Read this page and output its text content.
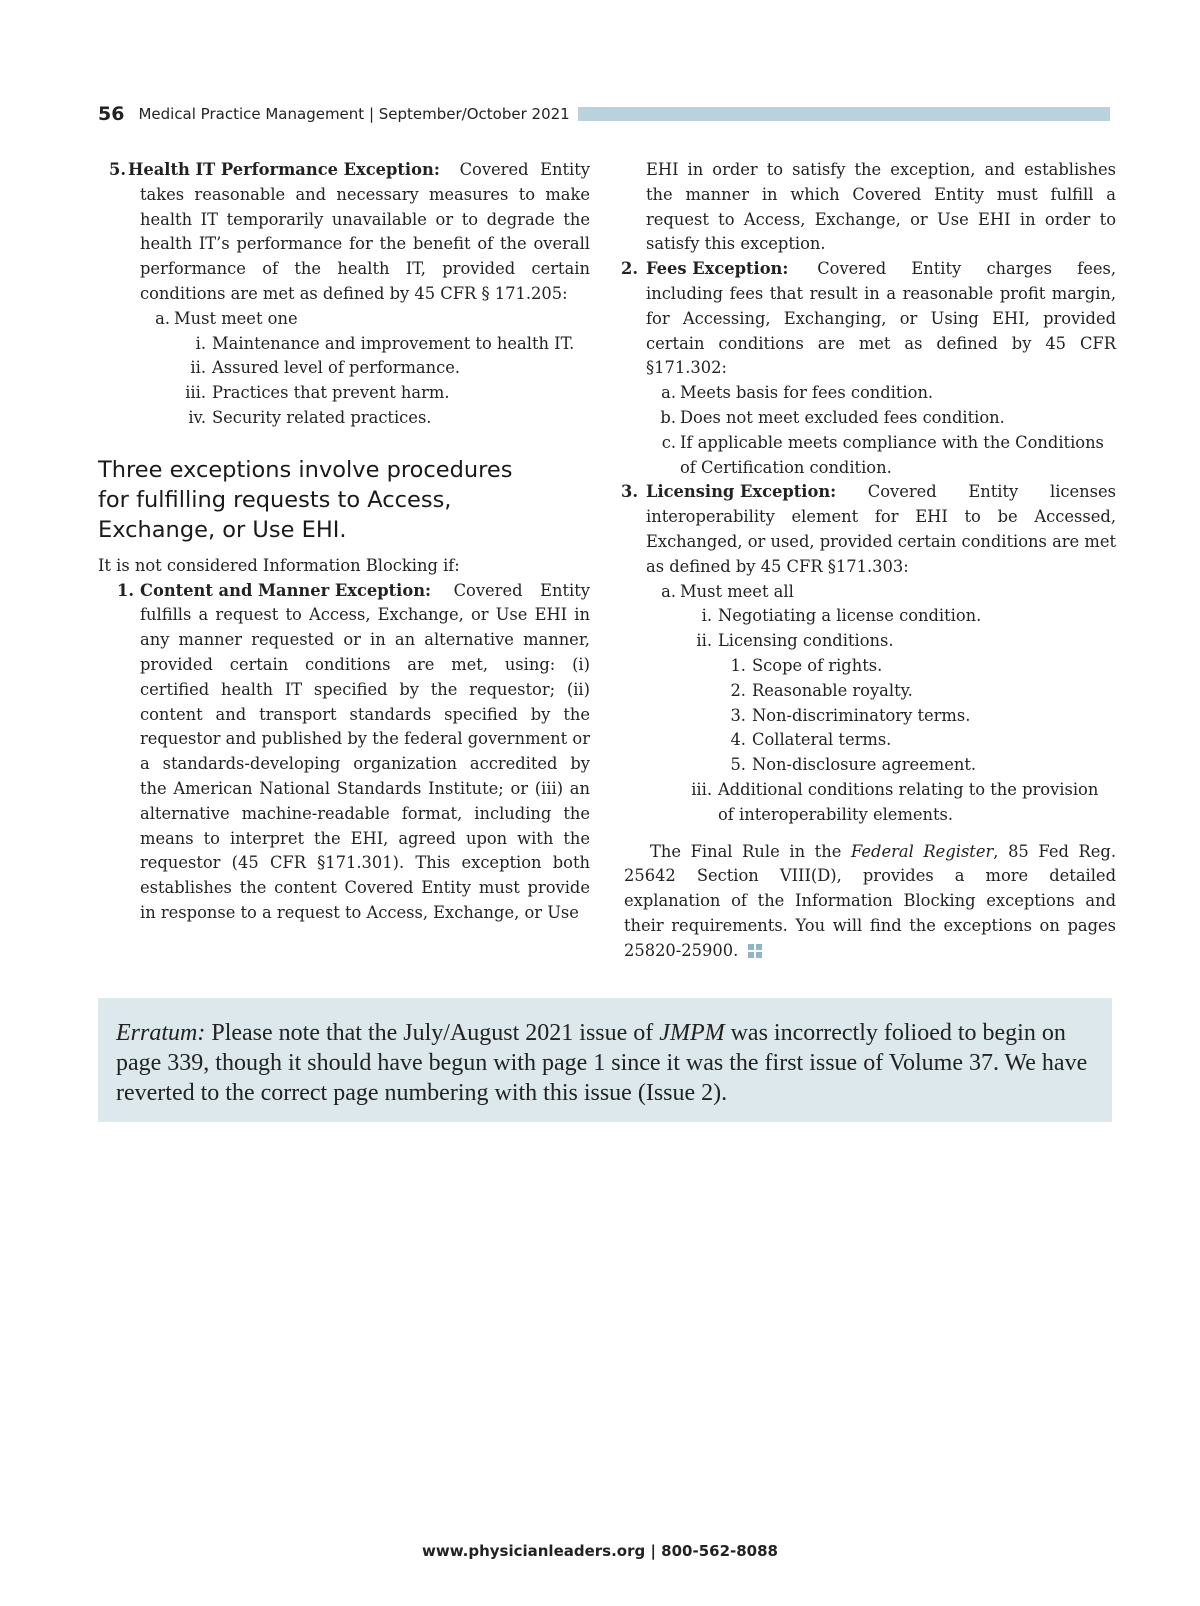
56 Medical Practice Management | September/October 2021
5. Health IT Performance Exception: Covered Entity takes reasonable and necessary measures to make health IT temporarily unavailable or to degrade the health IT’s performance for the benefit of the overall performance of the health IT, provided certain conditions are met as defined by 45 CFR § 171.205:
a. Must meet one
i. Maintenance and improvement to health IT.
ii. Assured level of performance.
iii. Practices that prevent harm.
iv. Security related practices.
Three exceptions involve procedures for fulfilling requests to Access, Exchange, or Use EHI.

It is not considered Information Blocking if:

1. Content and Manner Exception: Covered Entity fulfills a request to Access, Exchange, or Use EHI in any manner requested or in an alternative manner, provided certain conditions are met, using: (i) certified health IT specified by the requestor; (ii) content and transport standards specified by the requestor and published by the federal government or a standards-developing organization accredited by the American National Standards Institute; or (iii) an alternative machine-readable format, including the means to interpret the EHI, agreed upon with the requestor (45 CFR §171.301). This exception both establishes the content Covered Entity must provide in response to a request to Access, Exchange, or Use
EHI in order to satisfy the exception, and establishes the manner in which Covered Entity must fulfill a request to Access, Exchange, or Use EHI in order to satisfy this exception.
2. Fees Exception: Covered Entity charges fees, including fees that result in a reasonable profit margin, for Accessing, Exchanging, or Using EHI, provided certain conditions are met as defined by 45 CFR §171.302:
a. Meets basis for fees condition.
b. Does not meet excluded fees condition.
c. If applicable meets compliance with the Conditions of Certification condition.
3. Licensing Exception: Covered Entity licenses interoperability element for EHI to be Accessed, Exchanged, or used, provided certain conditions are met as defined by 45 CFR §171.303:
a. Must meet all
i. Negotiating a license condition.
ii. Licensing conditions.
1. Scope of rights.
2. Reasonable royalty.
3. Non-discriminatory terms.
4. Collateral terms.
5. Non-disclosure agreement.
iii. Additional conditions relating to the provision of interoperability elements.

The Final Rule in the Federal Register, 85 Fed Reg. 25642 Section VIII(D), provides a more detailed explanation of the Information Blocking exceptions and their requirements. You will find the exceptions on pages 25820-25900.

Erratum: Please note that the July/August 2021 issue of JMPM was incorrectly folioed to begin on page 339, though it should have begun with page 1 since it was the first issue of Volume 37. We have reverted to the correct page numbering with this issue (Issue 2).
www.physicianleaders.org | 800-562-8088
